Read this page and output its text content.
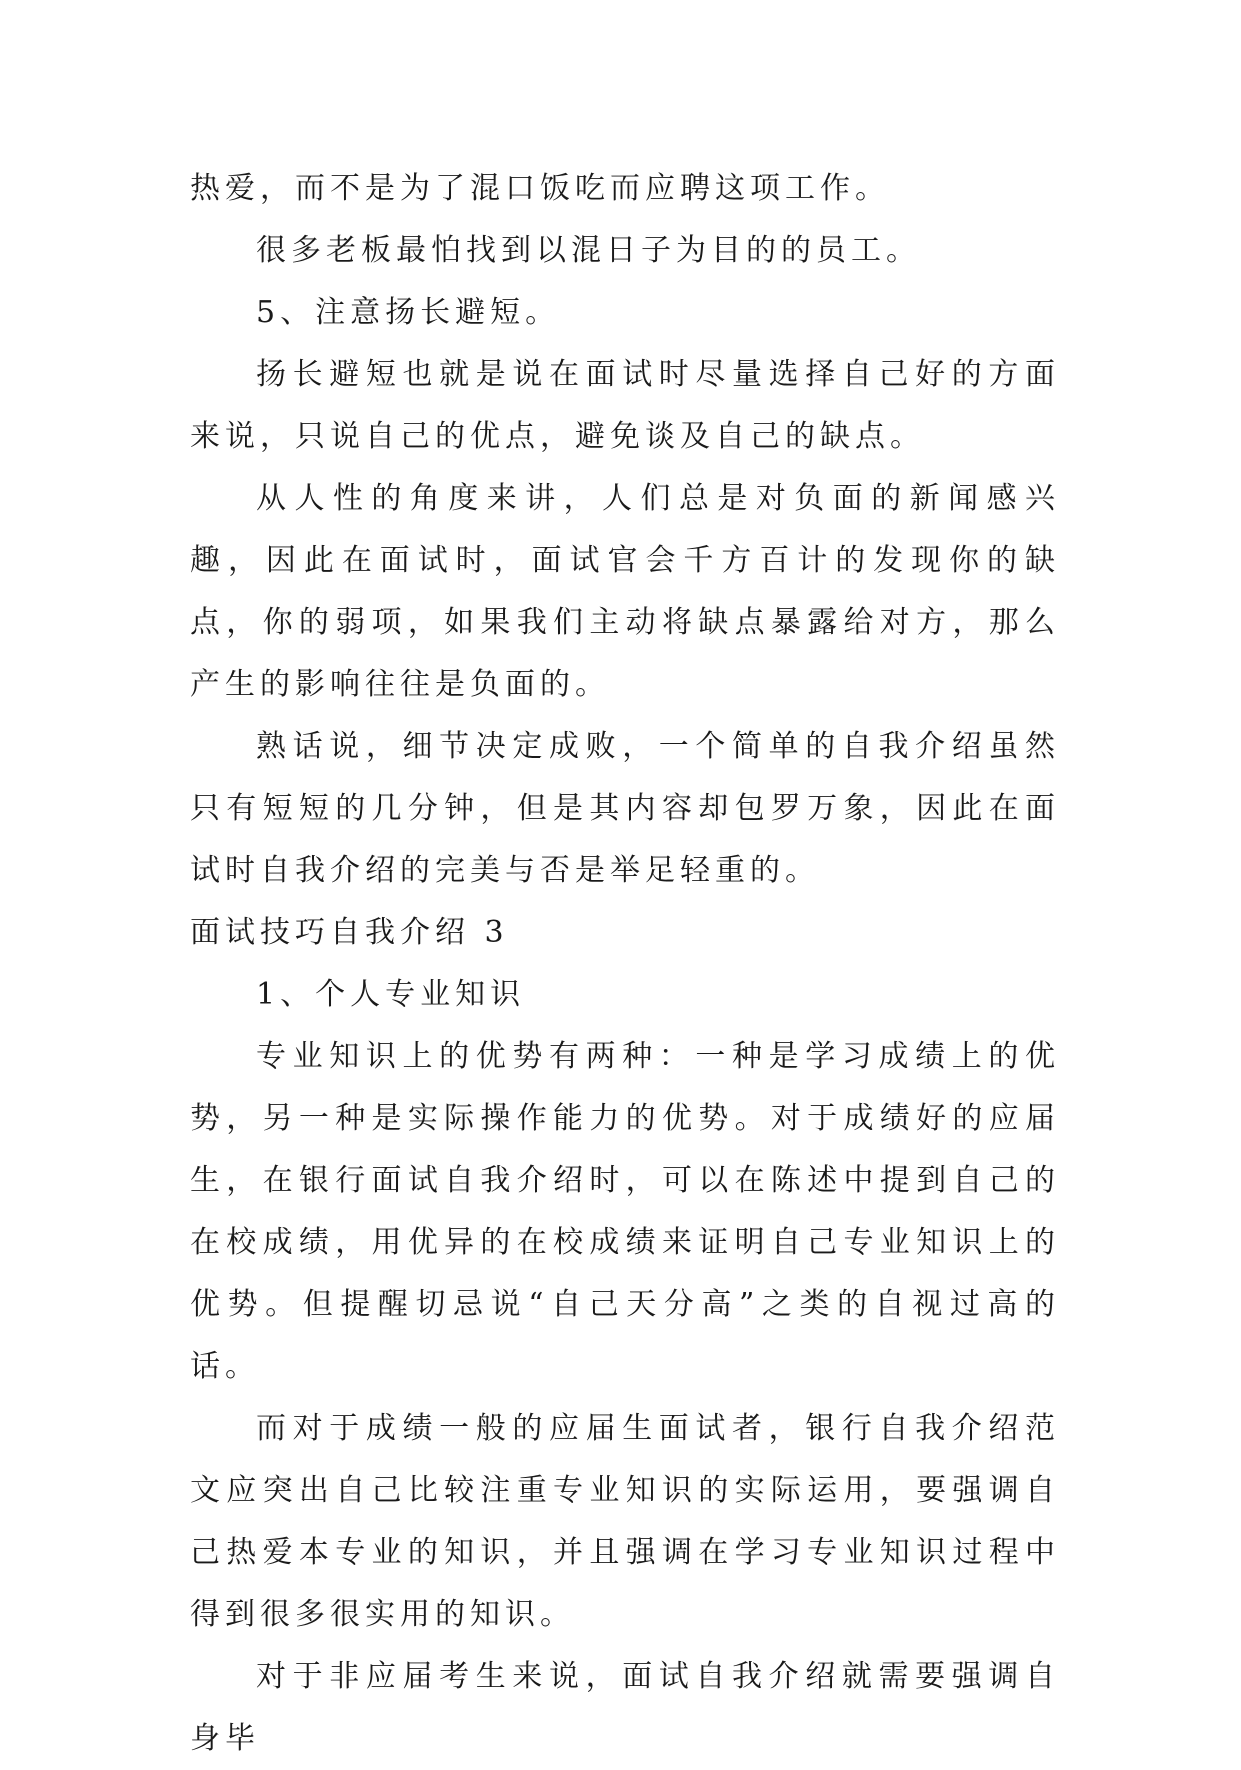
热爱，而不是为了混口饭吃而应聘这项工作。

很多老板最怕找到以混日子为目的的员工。

5、注意扬长避短。

扬长避短也就是说在面试时尽量选择自己好的方面来说，只说自己的优点，避免谈及自己的缺点。

从人性的角度来讲，人们总是对负面的新闻感兴趣，因此在面试时，面试官会千方百计的发现你的缺点，你的弱项，如果我们主动将缺点暴露给对方，那么产生的影响往往是负面的。

熟话说，细节决定成败，一个简单的自我介绍虽然只有短短的几分钟，但是其内容却包罗万象，因此在面试时自我介绍的完美与否是举足轻重的。

面试技巧自我介绍 3

1、个人专业知识

专业知识上的优势有两种：一种是学习成绩上的优势，另一种是实际操作能力的优势。对于成绩好的应届生，在银行面试自我介绍时，可以在陈述中提到自己的在校成绩，用优异的在校成绩来证明自己专业知识上的优势。但提醒切忌说“自己天分高”之类的自视过高的话。

而对于成绩一般的应届生面试者，银行自我介绍范文应突出自己比较注重专业知识的实际运用，要强调自己热爱本专业的知识，并且强调在学习专业知识过程中得到很多很实用的知识。

对于非应届考生来说，面试自我介绍就需要强调自身毕
